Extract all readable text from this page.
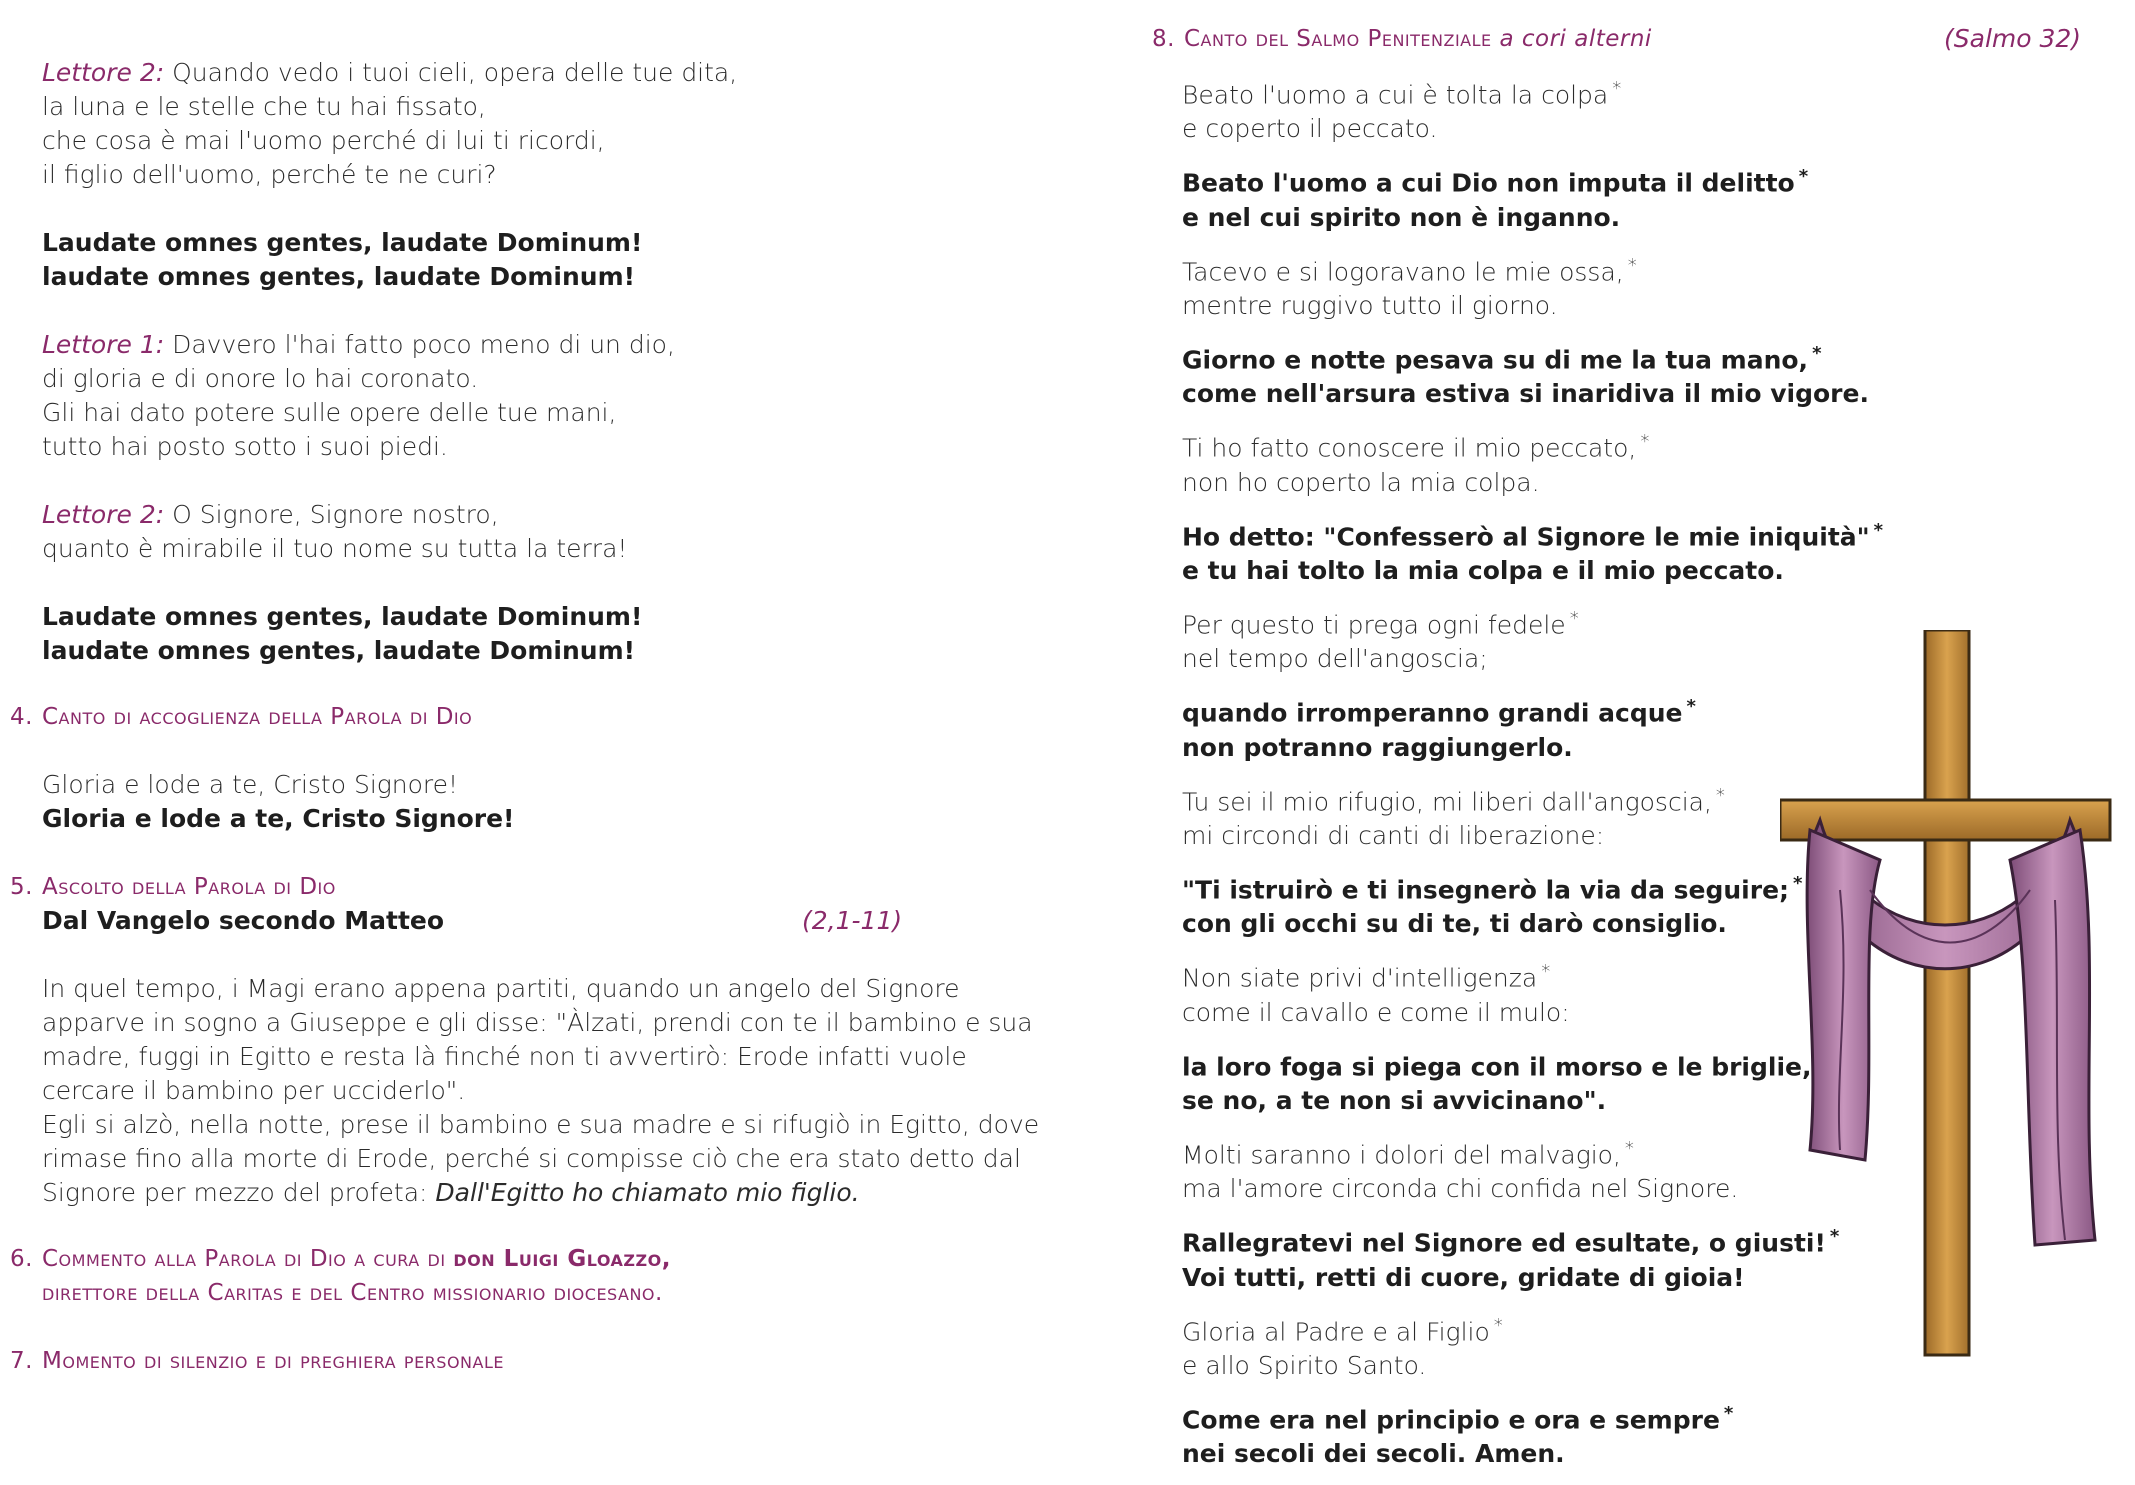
Lettore 2: Quando vedo i tuoi cieli, opera delle tue dita,
la luna e le stelle che tu hai fissato,
che cosa è mai l'uomo perché di lui ti ricordi,
il figlio dell'uomo, perché te ne curi?
Laudate omnes gentes, laudate Dominum!
laudate omnes gentes, laudate Dominum!
Lettore 1: Davvero l'hai fatto poco meno di un dio,
di gloria e di onore lo hai coronato.
Gli hai dato potere sulle opere delle tue mani,
tutto hai posto sotto i suoi piedi.
Lettore 2: O Signore, Signore nostro,
quanto è mirabile il tuo nome su tutta la terra!
Laudate omnes gentes, laudate Dominum!
laudate omnes gentes, laudate Dominum!
4. Canto di accoglienza della Parola di Dio
Gloria e lode a te, Cristo Signore!
Gloria e lode a te, Cristo Signore!
5. Ascolto della Parola di Dio
Dal Vangelo secondo Matteo	(2,1-11)
In quel tempo, i Magi erano appena partiti, quando un angelo del Signore
apparve in sogno a Giuseppe e gli disse: "Àlzati, prendi con te il bambino e sua
madre, fuggi in Egitto e resta là finché non ti avvertirò: Erode infatti vuole
cercare il bambino per ucciderlo".
Egli si alzò, nella notte, prese il bambino e sua madre e si rifugiò in Egitto, dove
rimase fino alla morte di Erode, perché si compisse ciò che era stato detto dal
Signore per mezzo del profeta: Dall'Egitto ho chiamato mio figlio.
6. Commento alla Parola di Dio a cura di don Luigi Gloazzo,
direttore della Caritas e del Centro missionario diocesano.
7. Momento di silenzio e di preghiera personale
8. Canto del Salmo Penitenziale a cori alterni	(Salmo 32)
Beato l'uomo a cui è tolta la colpa *
e coperto il peccato.
Beato l'uomo a cui Dio non imputa il delitto *
e nel cui spirito non è inganno.
Tacevo e si logoravano le mie ossa, *
mentre ruggivo tutto il giorno.
Giorno e notte pesava su di me la tua mano, *
come nell'arsura estiva si inaridiva il mio vigore.
Ti ho fatto conoscere il mio peccato, *
non ho coperto la mia colpa.
Ho detto: "Confesserò al Signore le mie iniquità" *
e tu hai tolto la mia colpa e il mio peccato.
Per questo ti prega ogni fedele *
nel tempo dell'angoscia;
quando irromperanno grandi acque *
non potranno raggiungerlo.
Tu sei il mio rifugio, mi liberi dall'angoscia, *
mi circondi di canti di liberazione:
"Ti istruirò e ti insegnerò la via da seguire; *
con gli occhi su di te, ti darò consiglio.
Non siate privi d'intelligenza *
come il cavallo e come il mulo:
la loro foga si piega con il morso e le briglie,
se no, a te non si avvicinano".
Molti saranno i dolori del malvagio, *
ma l'amore circonda chi confida nel Signore.
Rallegratevi nel Signore ed esultate, o giusti! *
Voi tutti, retti di cuore, gridate di gioia!
Gloria al Padre e al Figlio *
e allo Spirito Santo.
Come era nel principio e ora e sempre *
nei secoli dei secoli. Amen.
